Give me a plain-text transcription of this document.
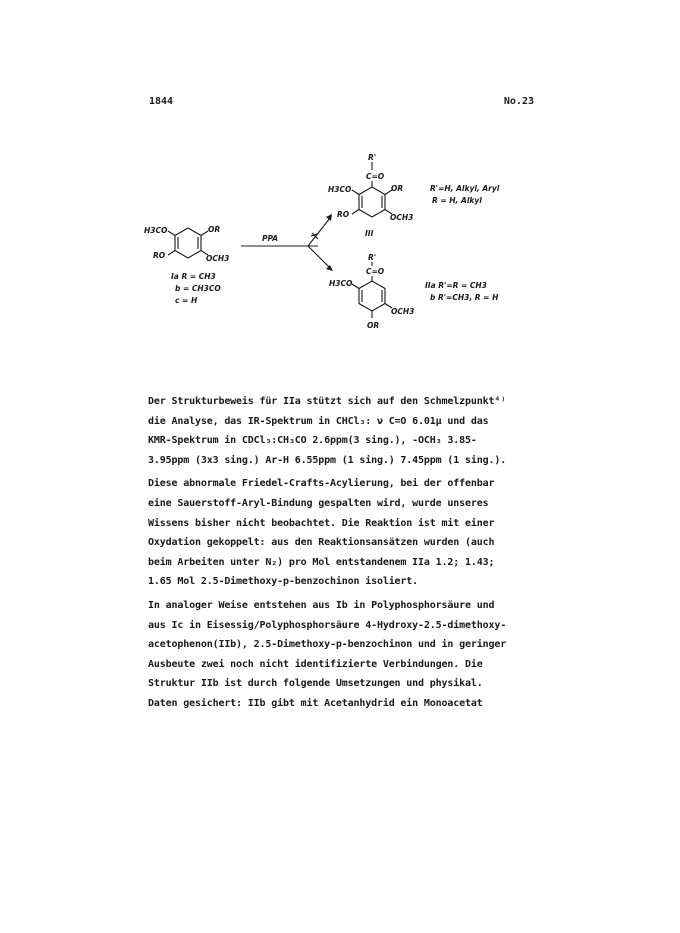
1844	No.23
H3CO	OR
RO	OCH3
Ia R = CH3
b = CH3CO
c = H
PPA
R'
C=O
H3CO	OR
RO	OCH3
III
R'=H, Alkyl, Aryl
R = H, Alkyl
R'
C=O
H3CO
OCH3
OR
IIa R'=R = CH3
b R'=CH3, R = H

Der Strukturbeweis für IIa stützt sich auf den Schmelzpunkt⁴⁾
die Analyse, das IR-Spektrum in CHCl₃: ν C=O 6.01μ und das
KMR-Spektrum in CDCl₃:CH₃CO 2.6ppm(3 sing.), -OCH₃ 3.85-
3.95ppm (3x3 sing.) Ar-H 6.55ppm (1 sing.) 7.45ppm (1 sing.).

Diese abnormale Friedel-Crafts-Acylierung, bei der offenbar
eine Sauerstoff-Aryl-Bindung gespalten wird, wurde unseres
Wissens bisher nicht beobachtet. Die Reaktion ist mit einer
Oxydation gekoppelt: aus den Reaktionsansätzen wurden (auch
beim Arbeiten unter N₂) pro Mol entstandenem IIa 1.2; 1.43;
1.65 Mol 2.5-Dimethoxy-p-benzochinon isoliert.

In analoger Weise entstehen aus Ib in Polyphosphorsäure und
aus Ic in Eisessig/Polyphosphorsäure 4-Hydroxy-2.5-dimethoxy-
acetophenon(IIb), 2.5-Dimethoxy-p-benzochinon und in geringer
Ausbeute zwei noch nicht identifizierte Verbindungen. Die
Struktur IIb ist durch folgende Umsetzungen und physikal.
Daten gesichert: IIb gibt mit Acetanhydrid ein Monoacetat
